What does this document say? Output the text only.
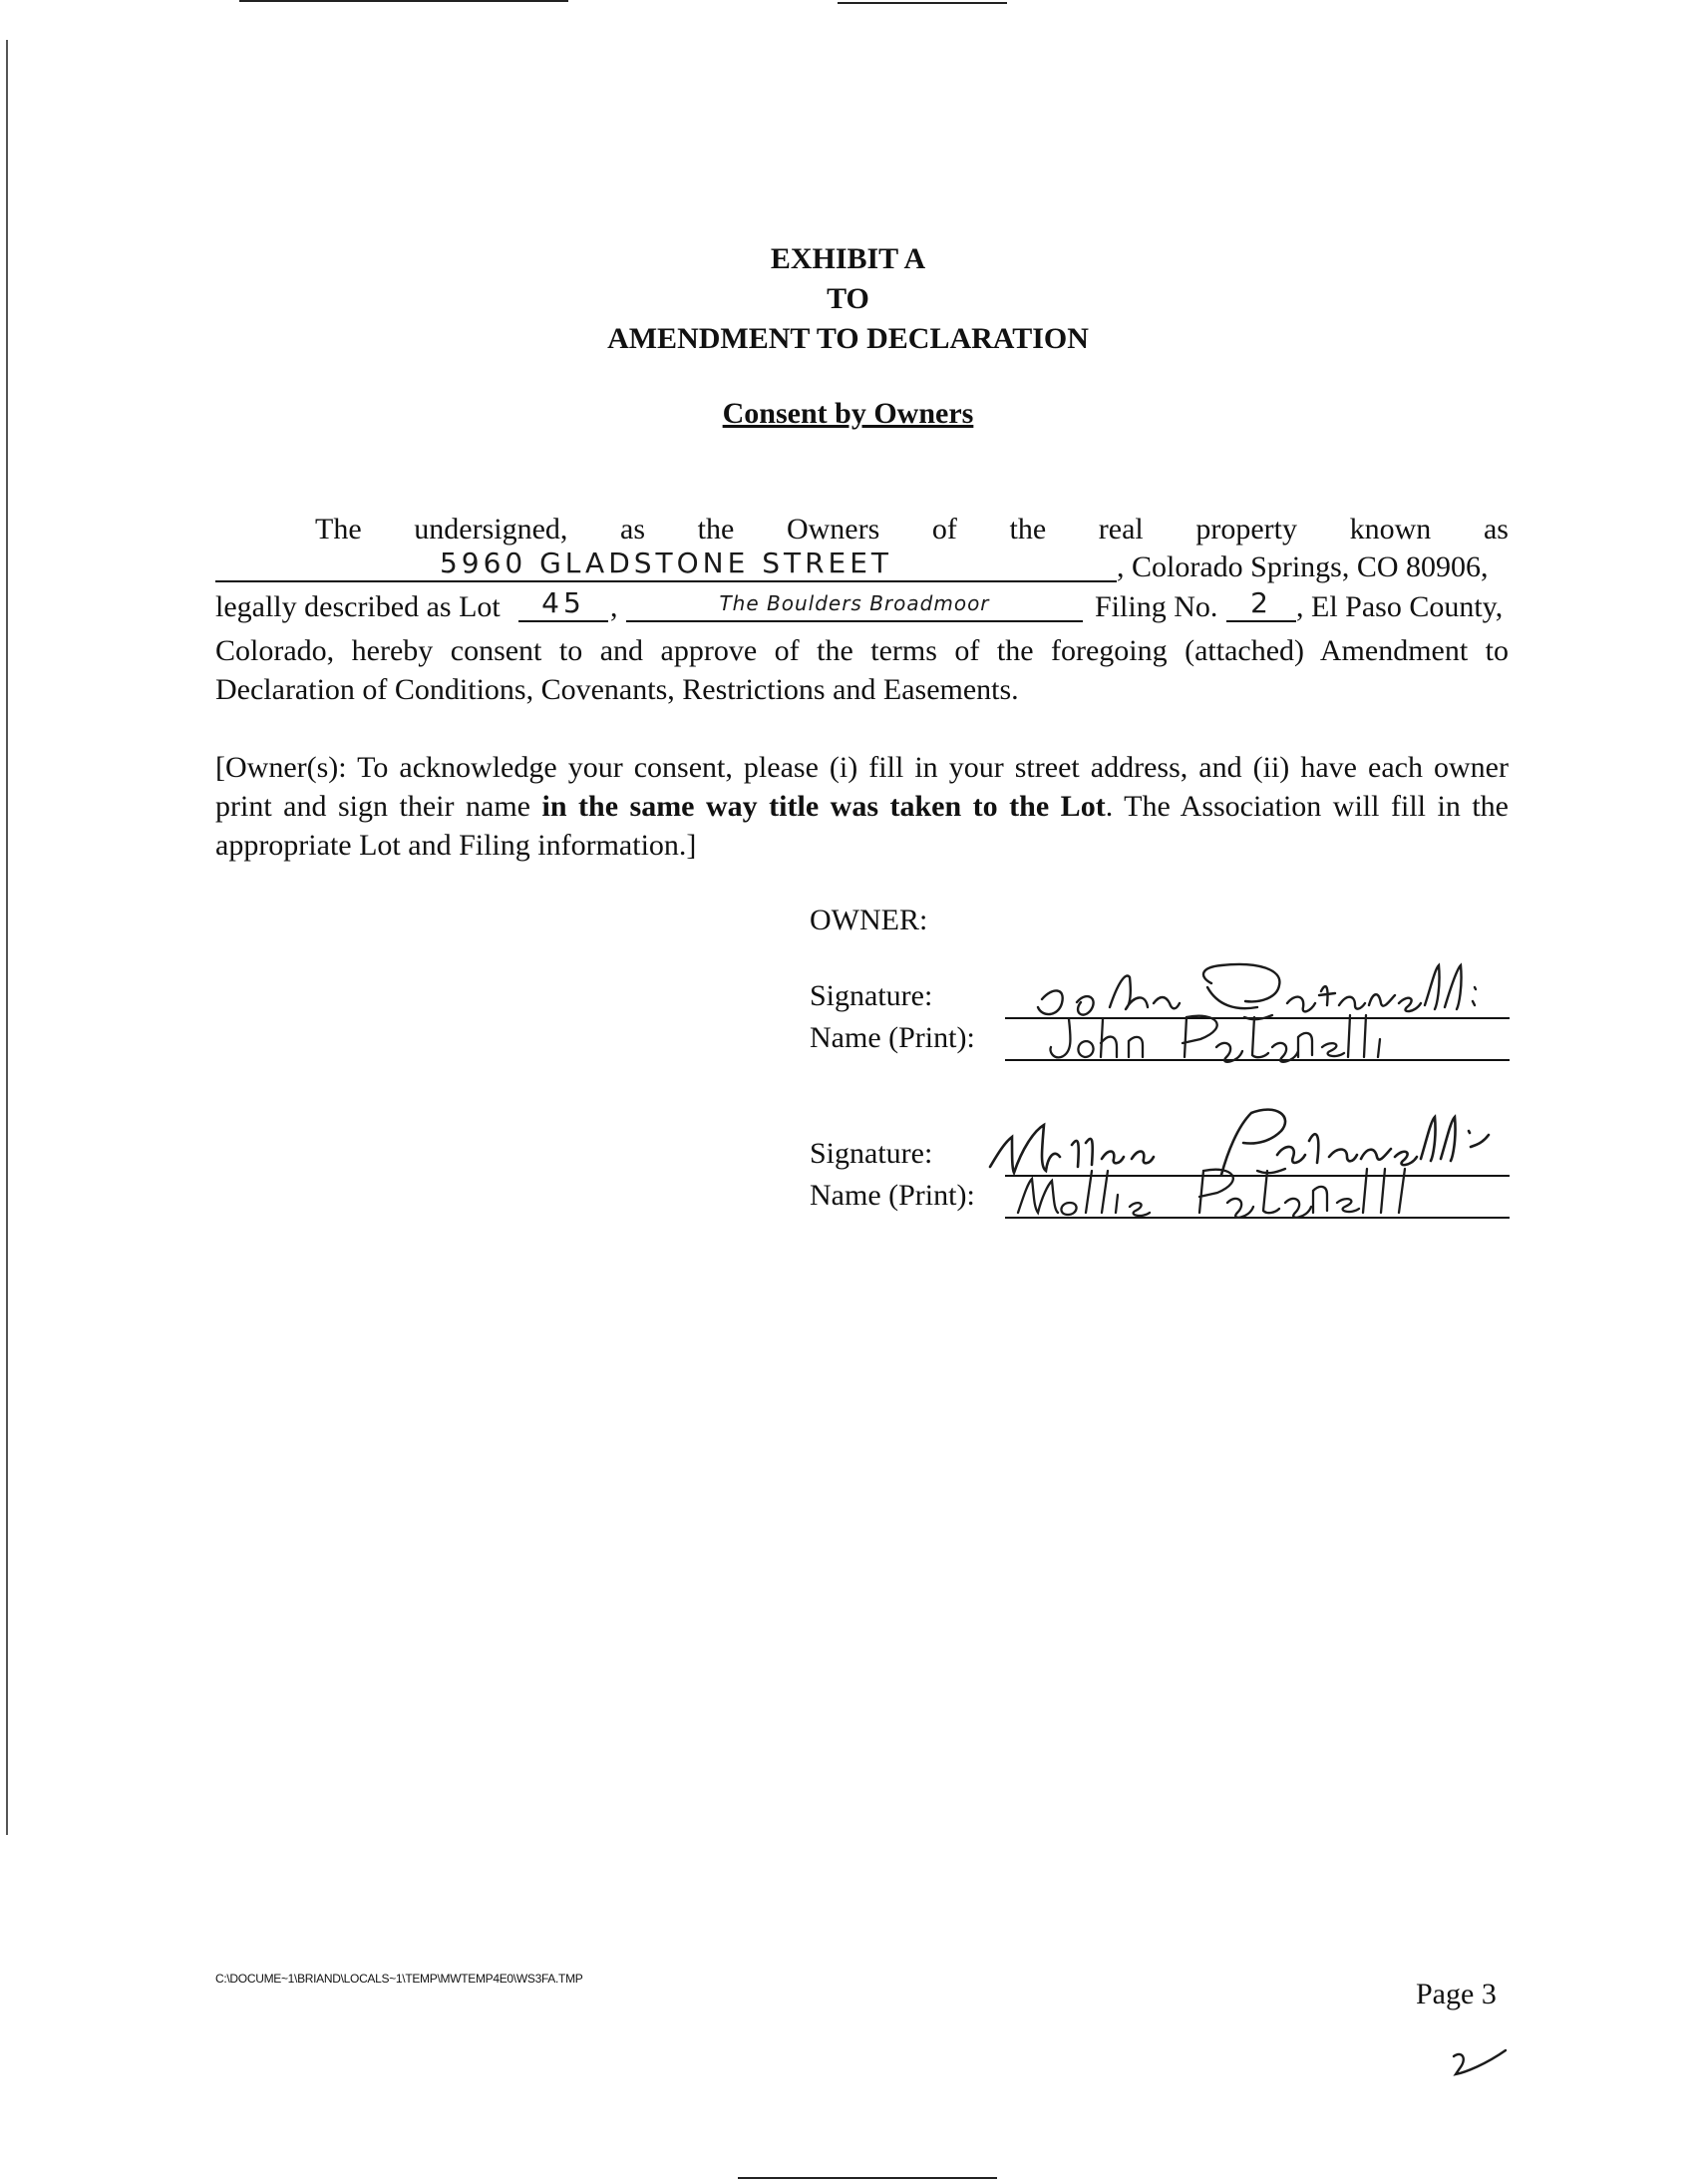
EXHIBIT A
TO
AMENDMENT TO DECLARATION
Consent by Owners
The undersigned, as the Owners of the real property known as
5960 GLADSTONE STREET	, Colorado Springs, CO 80906,
legally described as Lot	45 ,	The Boulders Broadmoor	Filing No.	2 , El Paso County,
Colorado, hereby consent to and approve of the terms of the foregoing (attached) Amendment to Declaration of Conditions, Covenants, Restrictions and Easements.
[Owner(s): To acknowledge your consent, please (i) fill in your street address, and (ii) have each owner print and sign their name in the same way title was taken to the Lot. The Association will fill in the appropriate Lot and Filing information.]
OWNER:
Signature:
Name (Print):
Signature:
Name (Print):
C:\DOCUME~1\BRIAND\LOCALS~1\TEMP\MWTEMP4E0\WS3FA.TMP	Page 3
